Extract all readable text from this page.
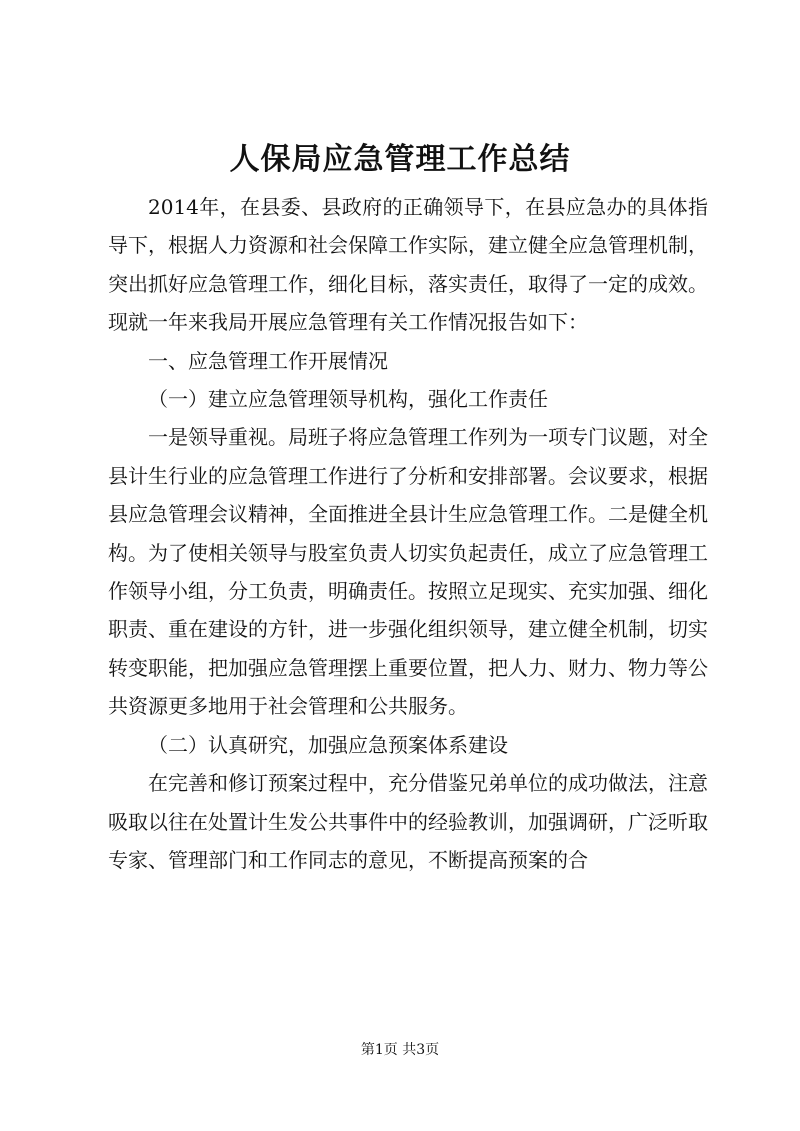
人保局应急管理工作总结

2014年，在县委、县政府的正确领导下，在县应急办的具体指导下，根据人力资源和社会保障工作实际，建立健全应急管理机制，突出抓好应急管理工作，细化目标，落实责任，取得了一定的成效。现就一年来我局开展应急管理有关工作情况报告如下：

一、应急管理工作开展情况

（一）建立应急管理领导机构，强化工作责任

一是领导重视。局班子将应急管理工作列为一项专门议题，对全县计生行业的应急管理工作进行了分析和安排部署。会议要求，根据县应急管理会议精神，全面推进全县计生应急管理工作。二是健全机构。为了使相关领导与股室负责人切实负起责任，成立了应急管理工作领导小组，分工负责，明确责任。按照立足现实、充实加强、细化职责、重在建设的方针，进一步强化组织领导，建立健全机制，切实转变职能，把加强应急管理摆上重要位置，把人力、财力、物力等公共资源更多地用于社会管理和公共服务。

（二）认真研究，加强应急预案体系建设

在完善和修订预案过程中，充分借鉴兄弟单位的成功做法，注意吸取以往在处置计生发公共事件中的经验教训，加强调研，广泛听取专家、管理部门和工作同志的意见，不断提高预案的合

第1页 共3页
